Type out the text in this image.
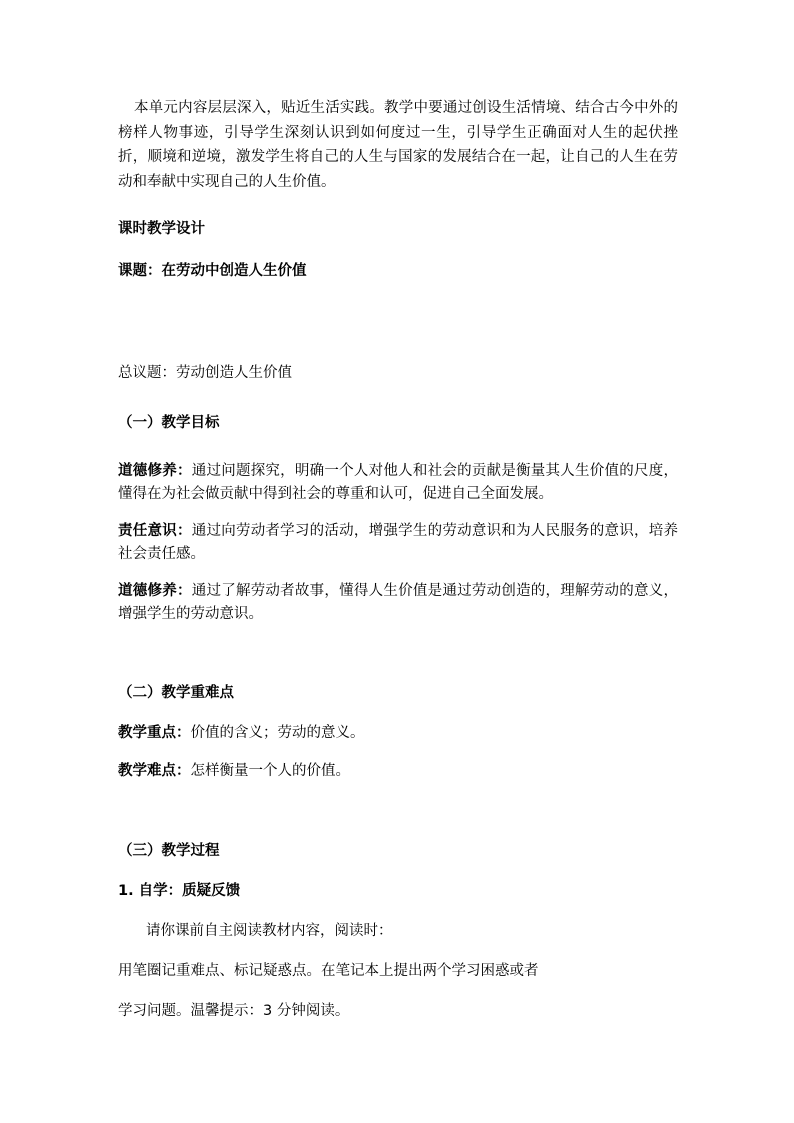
本单元内容层层深入，贴近生活实践。教学中要通过创设生活情境、结合古今中外的榜样人物事迹，引导学生深刻认识到如何度过一生，引导学生正确面对人生的起伏挫折，顺境和逆境，激发学生将自己的人生与国家的发展结合在一起，让自己的人生在劳动和奉献中实现自己的人生价值。

课时教学设计

课题：在劳动中创造人生价值

总议题：劳动创造人生价值

（一）教学目标

道德修养：通过问题探究，明确一个人对他人和社会的贡献是衡量其人生价值的尺度，懂得在为社会做贡献中得到社会的尊重和认可，促进自己全面发展。

责任意识：通过向劳动者学习的活动，增强学生的劳动意识和为人民服务的意识，培养社会责任感。

道德修养：通过了解劳动者故事，懂得人生价值是通过劳动创造的，理解劳动的意义，增强学生的劳动意识。

（二）教学重难点

教学重点：价值的含义；劳动的意义。

教学难点：怎样衡量一个人的价值。

（三）教学过程

1. 自学：质疑反馈

请你课前自主阅读教材内容，阅读时：

用笔圈记重难点、标记疑惑点。在笔记本上提出两个学习困惑或者

学习问题。温馨提示：3 分钟阅读。
